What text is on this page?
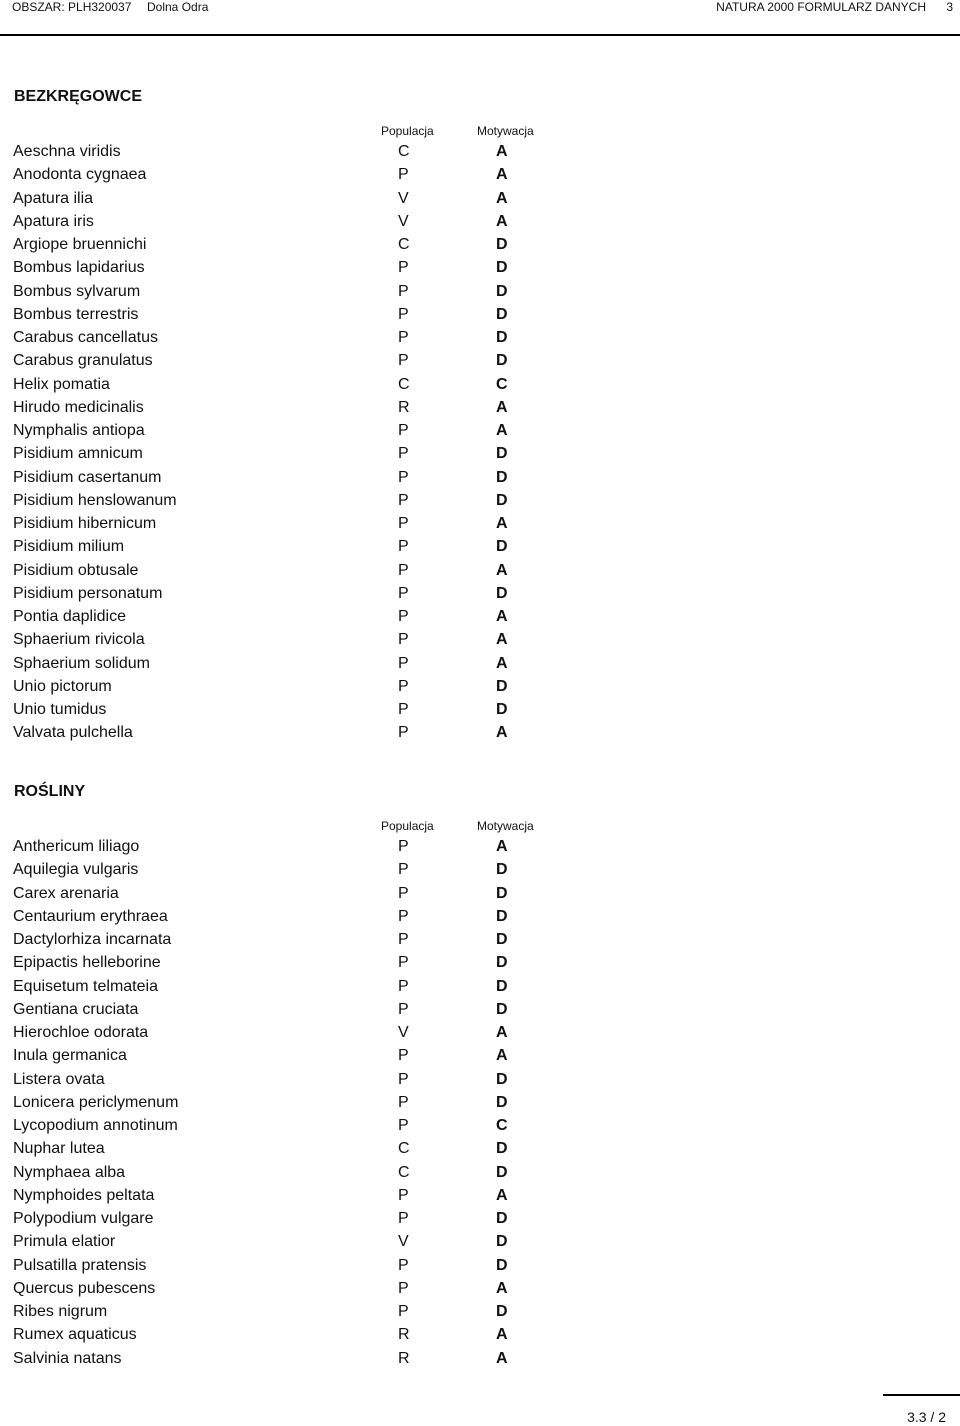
OBSZAR: PLH320037 Dolna Odra	NATURA 2000 FORMULARZ DANYCH 3
BEZKRĘGOWCE
Populacja	Motywacja
Aeschna viridis	C	A
Anodonta cygnaea	P	A
Apatura ilia	V	A
Apatura iris	V	A
Argiope bruennichi	C	D
Bombus lapidarius	P	D
Bombus sylvarum	P	D
Bombus terrestris	P	D
Carabus cancellatus	P	D
Carabus granulatus	P	D
Helix pomatia	C	C
Hirudo medicinalis	R	A
Nymphalis antiopa	P	A
Pisidium amnicum	P	D
Pisidium casertanum	P	D
Pisidium henslowanum	P	D
Pisidium hibernicum	P	A
Pisidium milium	P	D
Pisidium obtusale	P	A
Pisidium personatum	P	D
Pontia daplidice	P	A
Sphaerium rivicola	P	A
Sphaerium solidum	P	A
Unio pictorum	P	D
Unio tumidus	P	D
Valvata pulchella	P	A
ROŚLINY
Populacja	Motywacja
Anthericum liliago	P	A
Aquilegia vulgaris	P	D
Carex arenaria	P	D
Centaurium erythraea	P	D
Dactylorhiza incarnata	P	D
Epipactis helleborine	P	D
Equisetum telmateia	P	D
Gentiana cruciata	P	D
Hierochloe odorata	V	A
Inula germanica	P	A
Listera ovata	P	D
Lonicera periclymenum	P	D
Lycopodium annotinum	P	C
Nuphar lutea	C	D
Nymphaea alba	C	D
Nymphoides peltata	P	A
Polypodium vulgare	P	D
Primula elatior	V	D
Pulsatilla pratensis	P	D
Quercus pubescens	P	A
Ribes nigrum	P	D
Rumex aquaticus	R	A
Salvinia natans	R	A
3.3 / 2
